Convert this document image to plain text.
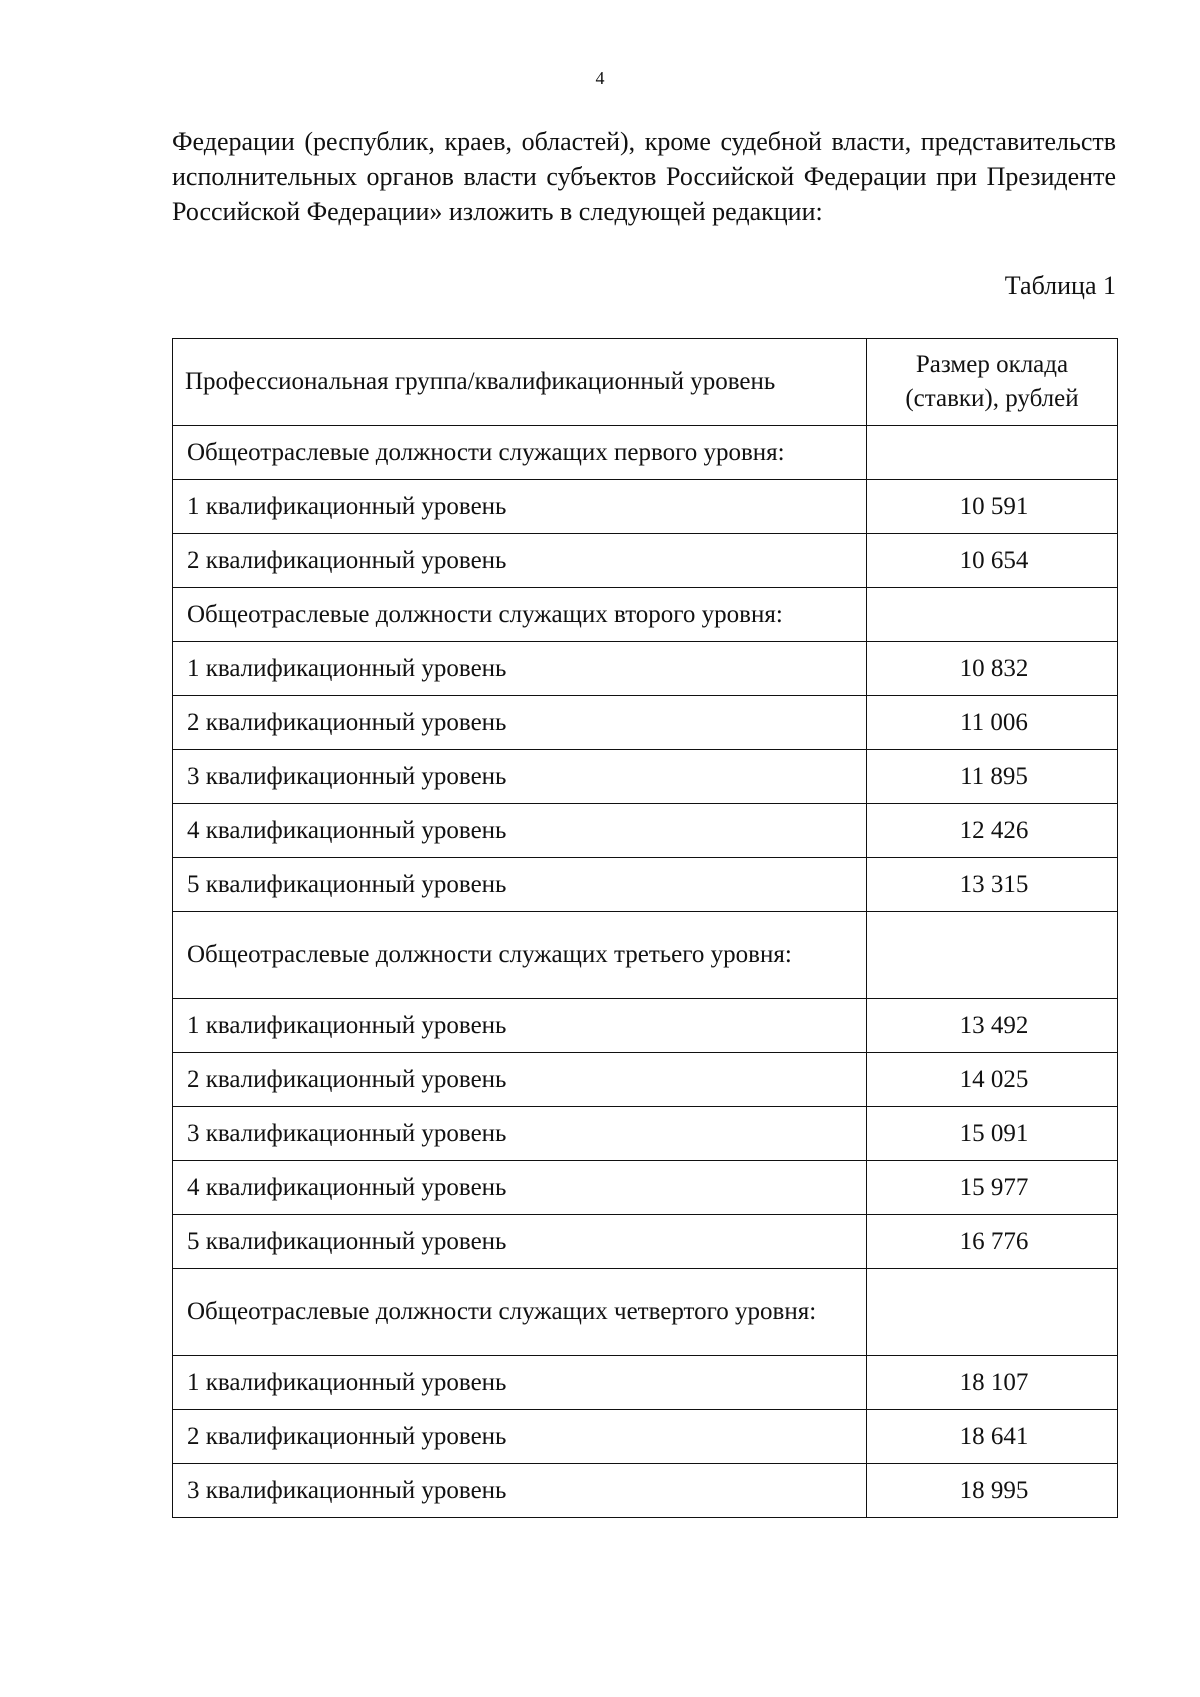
4

Федерации (республик, краев, областей), кроме судебной власти, представительств исполнительных органов власти субъектов Российской Федерации при Президенте Российской Федерации» изложить в следующей редакции:

Таблица 1
Профессиональная группа/квалификационный уровень	Размер оклада (ставки), рублей
Общеотраслевые должности служащих первого уровня:	
1 квалификационный уровень	10 591
2 квалификационный уровень	10 654
Общеотраслевые должности служащих второго уровня:	
1 квалификационный уровень	10 832
2 квалификационный уровень	11 006
3 квалификационный уровень	11 895
4 квалификационный уровень	12 426
5 квалификационный уровень	13 315
Общеотраслевые должности служащих третьего уровня:	
1 квалификационный уровень	13 492
2 квалификационный уровень	14 025
3 квалификационный уровень	15 091
4 квалификационный уровень	15 977
5 квалификационный уровень	16 776
Общеотраслевые должности служащих четвертого уровня:	
1 квалификационный уровень	18 107
2 квалификационный уровень	18 641
3 квалификационный уровень	18 995
